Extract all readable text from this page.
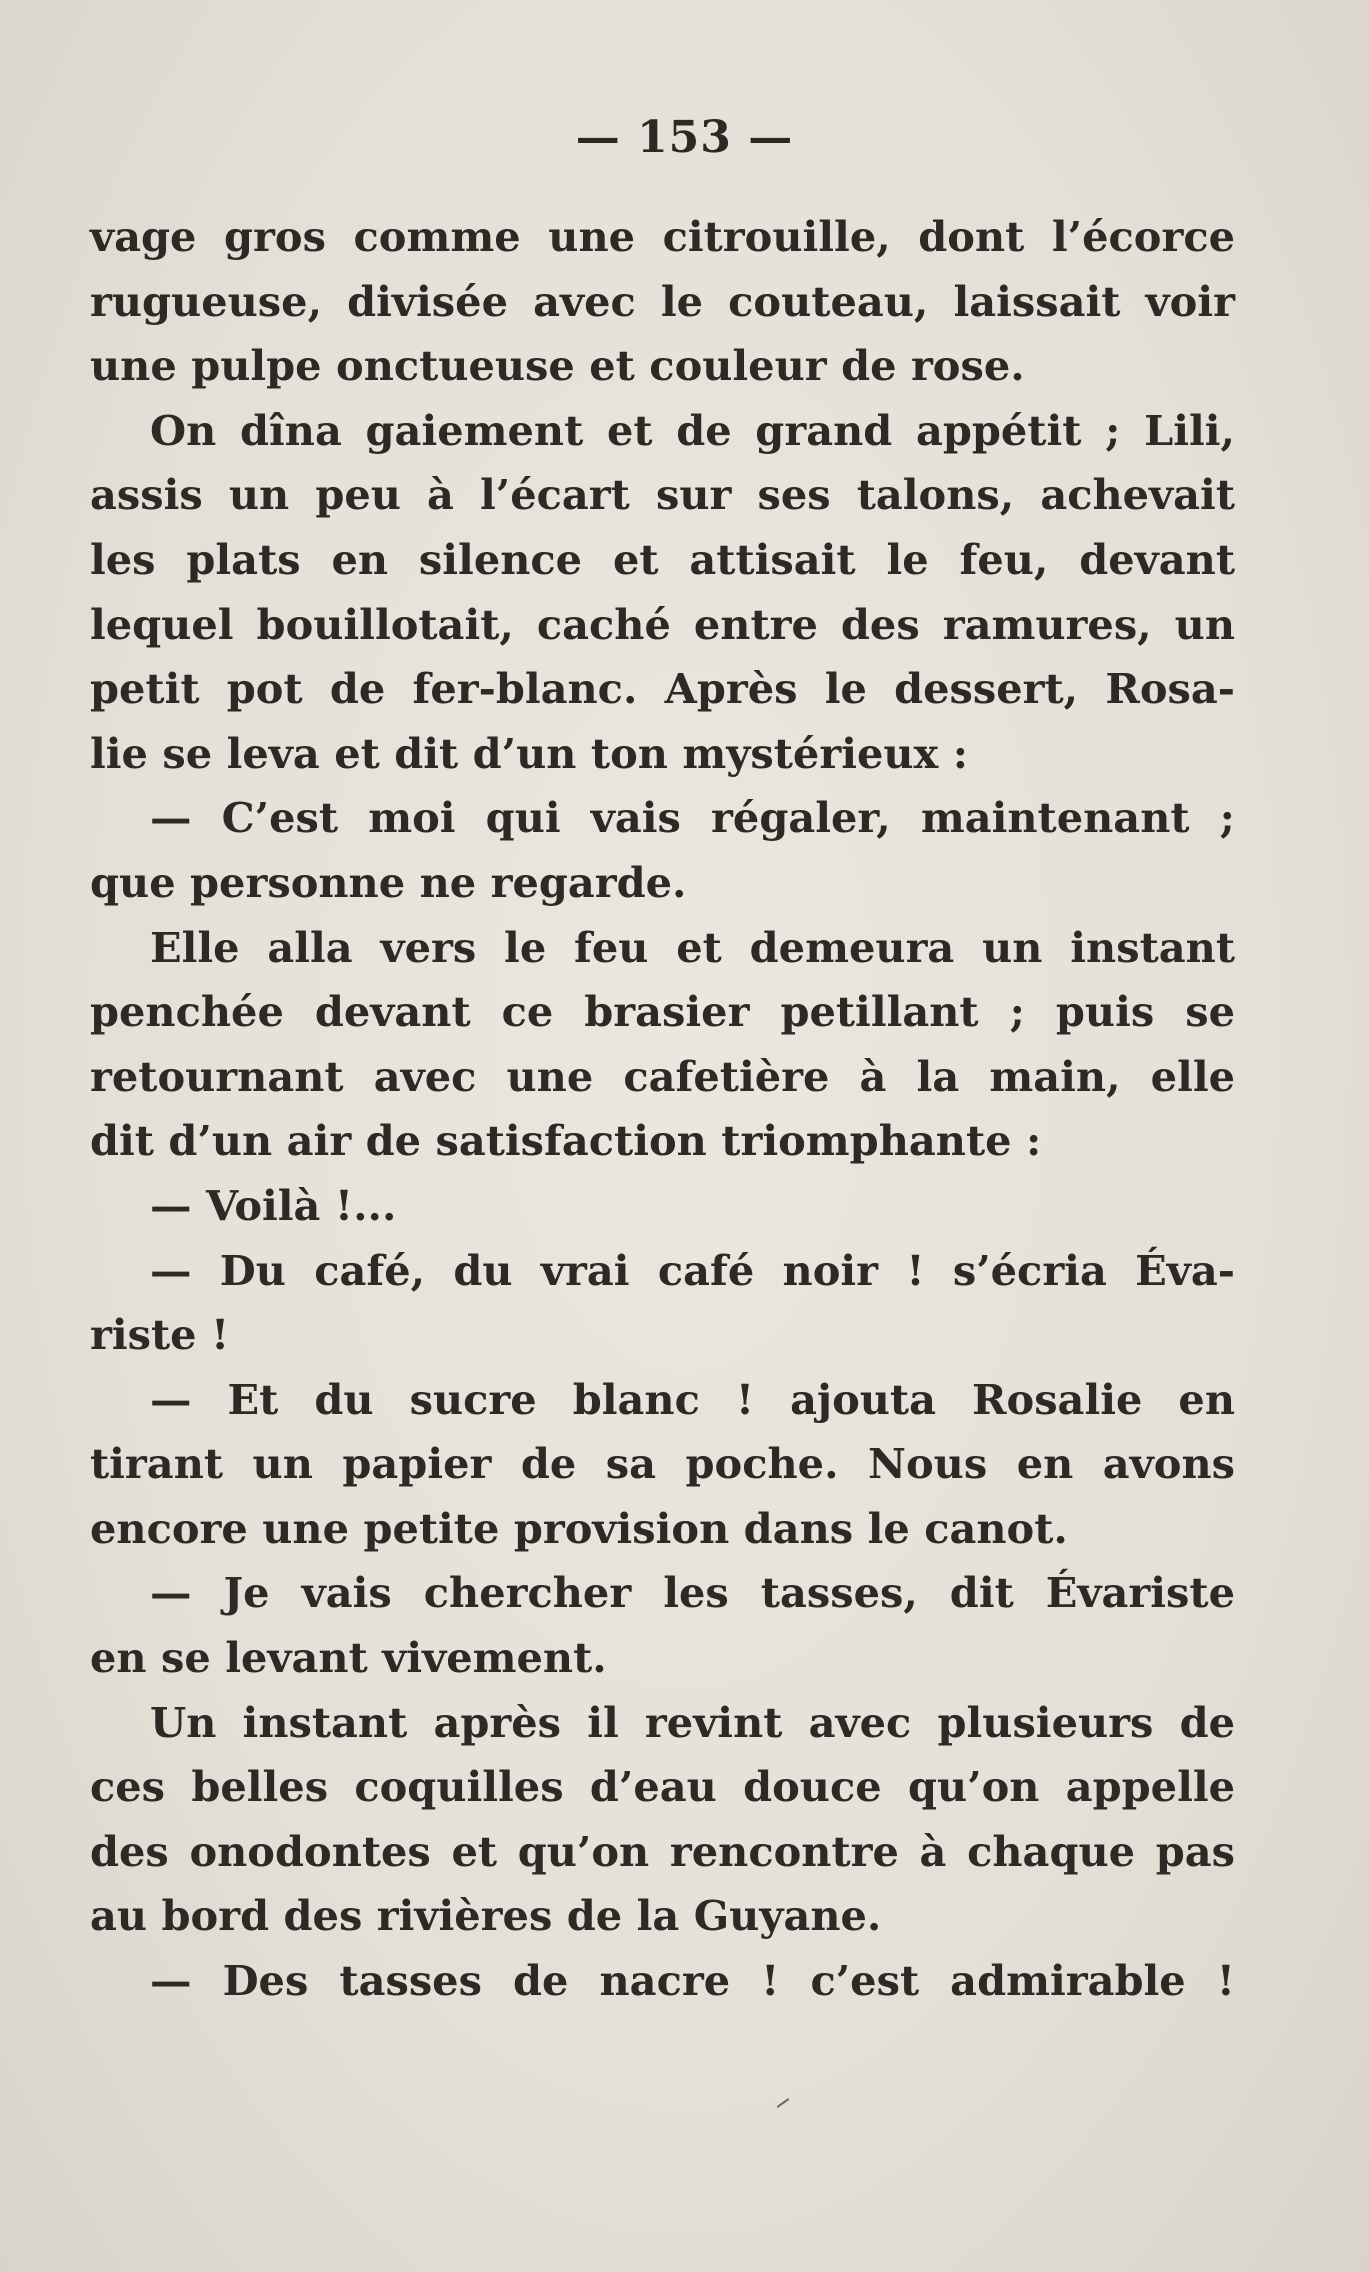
— 153 —

vage gros comme une citrouille, dont l’écorce

rugueuse, divisée avec le couteau, laissait voir

une pulpe onctueuse et couleur de rose.

On dîna gaiement et de grand appétit ; Lili,

assis un peu à l’écart sur ses talons, achevait

les plats en silence et attisait le feu, devant

lequel bouillotait, caché entre des ramures, un

petit pot de fer-blanc. Après le dessert, Rosa-

lie se leva et dit d’un ton mystérieux :

— C’est moi qui vais régaler, maintenant ;

que personne ne regarde.

Elle alla vers le feu et demeura un instant

penchée devant ce brasier petillant ; puis se

retournant avec une cafetière à la main, elle

dit d’un air de satisfaction triomphante :

— Voilà !...

— Du café, du vrai café noir ! s’écria Éva-

riste !

— Et du sucre blanc ! ajouta Rosalie en

tirant un papier de sa poche. Nous en avons

encore une petite provision dans le canot.

— Je vais chercher les tasses, dit Évariste

en se levant vivement.

Un instant après il revint avec plusieurs de

ces belles coquilles d’eau douce qu’on appelle

des onodontes et qu’on rencontre à chaque pas

au bord des rivières de la Guyane.

— Des tasses de nacre ! c’est admirable !
